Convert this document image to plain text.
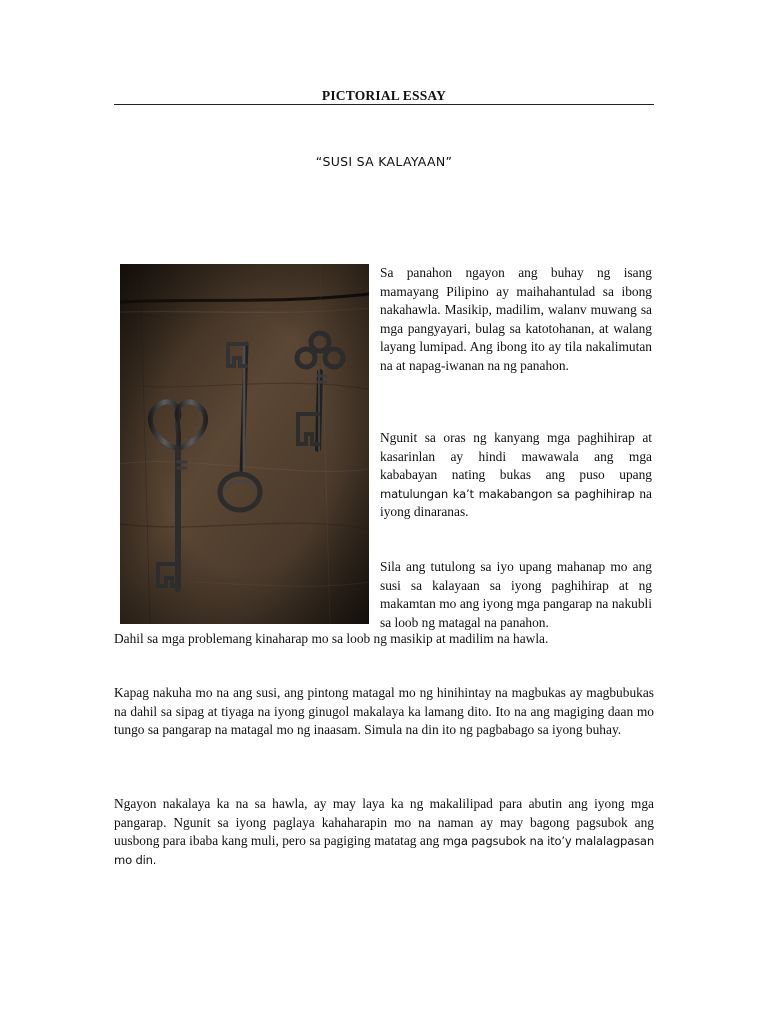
PICTORIAL ESSAY
“SUSI SA KALAYAAN”

Sa panahon ngayon ang buhay ng isang mamayang Pilipino ay maihahantulad sa ibong nakahawla. Masikip, madilim, walanv muwang sa mga pangyayari, bulag sa katotohanan, at walang layang lumipad. Ang ibong ito ay tila nakalimutan na at napag-iwanan na ng panahon.

Ngunit sa oras ng kanyang mga paghihirap at kasarinlan ay hindi mawawala ang mga kababayan nating bukas ang puso upang matulungan ka’t makabangon sa paghihirap na iyong dinaranas.

Sila ang tutulong sa iyo upang mahanap mo ang susi sa kalayaan sa iyong paghihirap at ng makamtan mo ang iyong mga pangarap na nakubli sa loob ng matagal na panahon.

Dahil sa mga problemang kinaharap mo sa loob ng masikip at madilim na hawla.

Kapag nakuha mo na ang susi, ang pintong matagal mo ng hinihintay na magbukas ay magbubukas na dahil sa sipag at tiyaga na iyong ginugol makalaya ka lamang dito. Ito na ang magiging daan mo tungo sa pangarap na matagal mo ng inaasam. Simula na din ito ng pagbabago sa iyong buhay.

Ngayon nakalaya ka na sa hawla, ay may laya ka ng makalilipad para abutin ang iyong mga pangarap. Ngunit sa iyong paglaya kahaharapin mo na naman ay may bagong pagsubok ang uusbong para ibaba kang muli, pero sa pagiging matatag ang mga pagsubok na ito’y malalagpasan mo din.
